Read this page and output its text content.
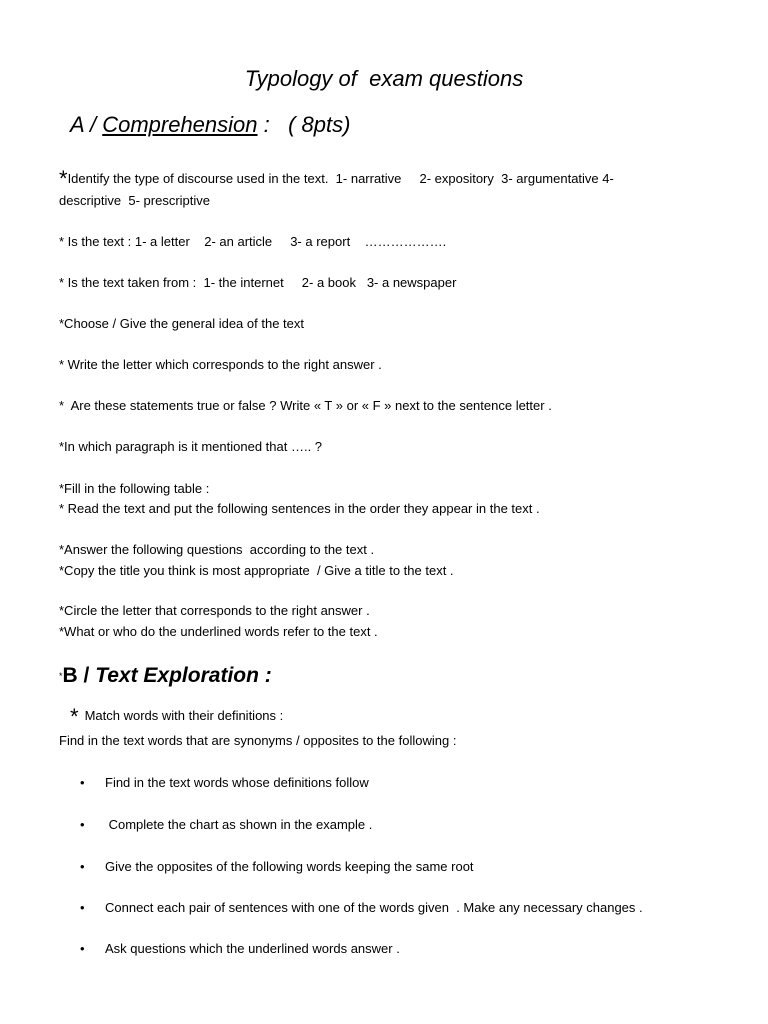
Typology of  exam questions
A / Comprehension :   ( 8pts)
*Identify the type of discourse used in the text.  1- narrative     2- expository  3- argumentative 4-
descriptive  5- prescriptive
* Is the text : 1- a letter    2- an article     3- a report    ……………….
* Is the text taken from :  1- the internet     2- a book   3- a newspaper
*Choose / Give the general idea of the text
* Write the letter which corresponds to the right answer .
*  Are these statements true or false ? Write « T » or « F » next to the sentence letter .
*In which paragraph is it mentioned that ….. ?
*Fill in the following table :
* Read the text and put the following sentences in the order they appear in the text .
*Answer the following questions  according to the text .
*Copy the title you think is most appropriate  / Give a title to the text .
*Circle the letter that corresponds to the right answer .
*What or who do the underlined words refer to the text .
*B / Text Exploration :
* Match words with their definitions :
Find in the text words that are synonyms / opposites to the following :
• Find in the text words whose definitions follow
• Complete the chart as shown in the example .
• Give the opposites of the following words keeping the same root
• Connect each pair of sentences with one of the words given  . Make any necessary changes .
• Ask questions which the underlined words answer .
